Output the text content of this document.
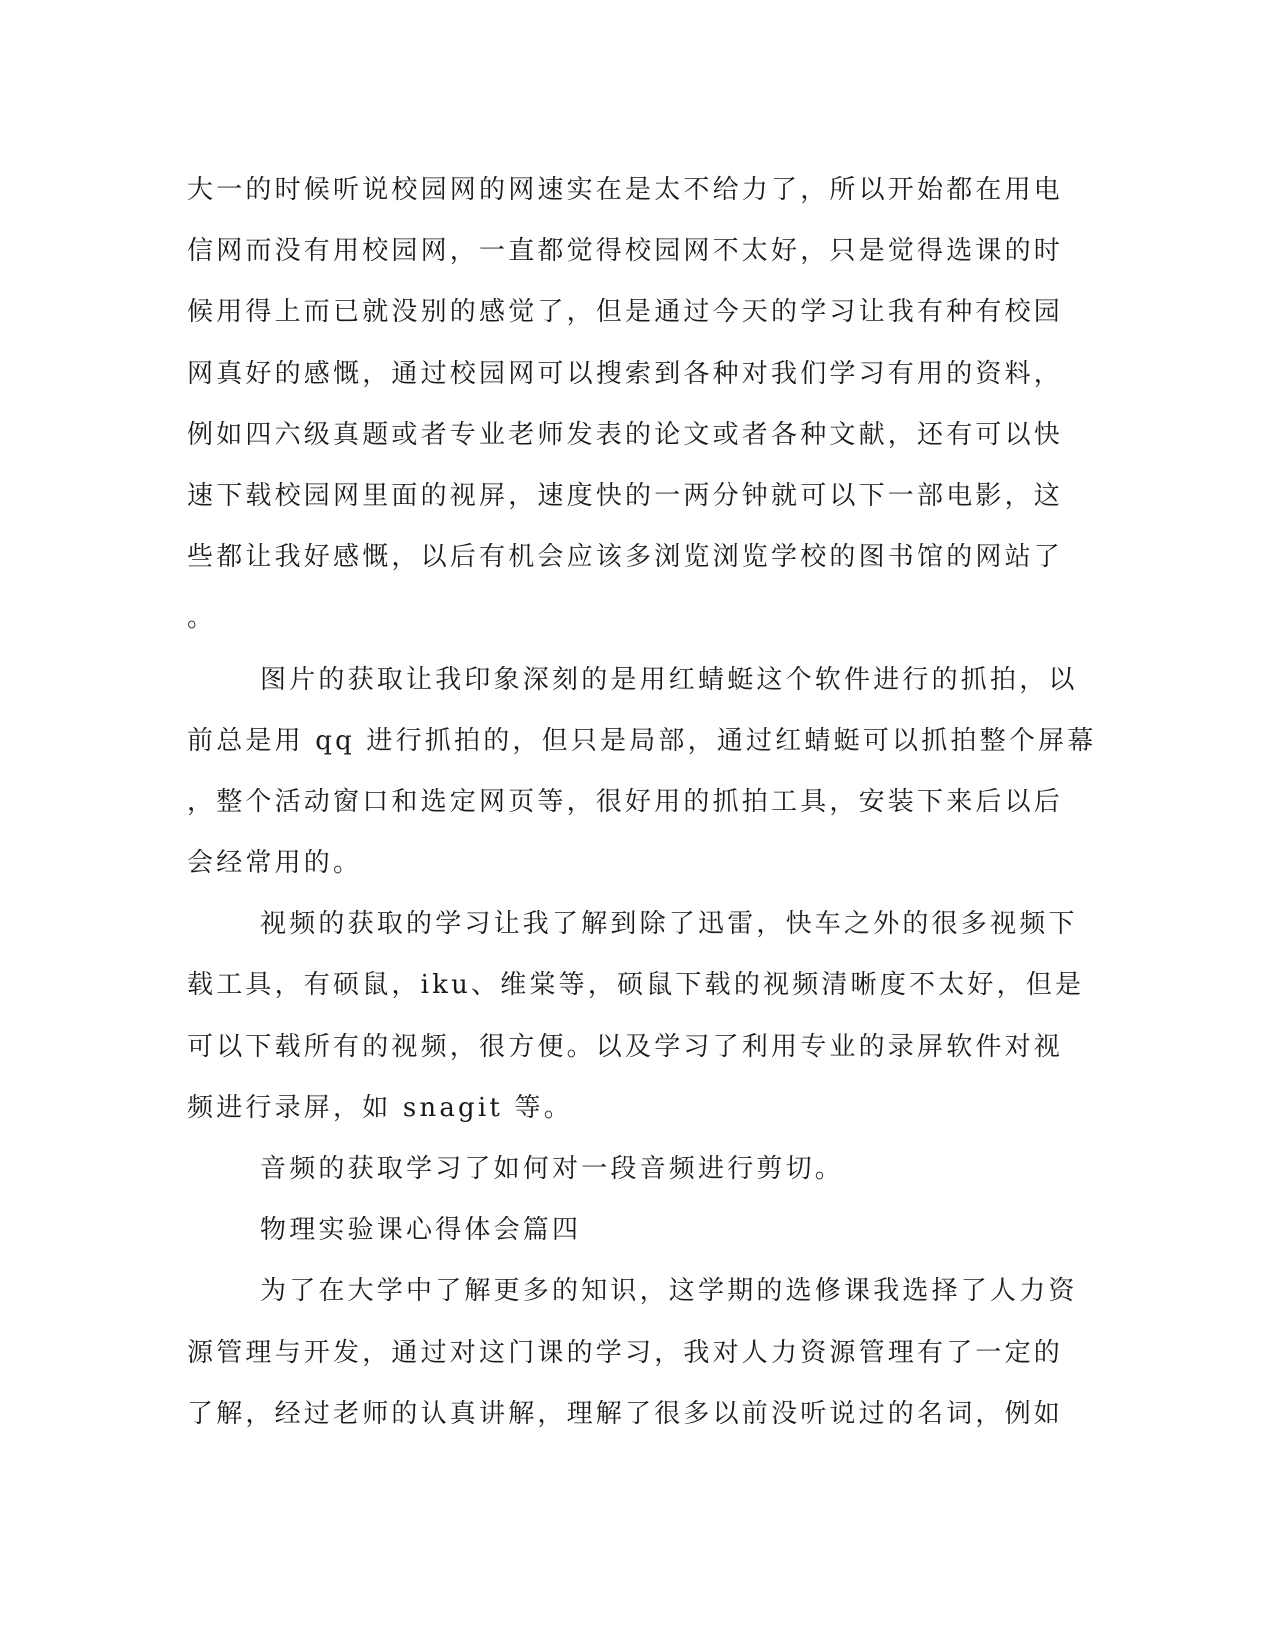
大一的时候听说校园网的网速实在是太不给力了，所以开始都在用电
信网而没有用校园网，一直都觉得校园网不太好，只是觉得选课的时
候用得上而已就没别的感觉了，但是通过今天的学习让我有种有校园
网真好的感慨，通过校园网可以搜索到各种对我们学习有用的资料，
例如四六级真题或者专业老师发表的论文或者各种文献，还有可以快
速下载校园网里面的视屏，速度快的一两分钟就可以下一部电影，这
些都让我好感慨，以后有机会应该多浏览浏览学校的图书馆的网站了
。
图片的获取让我印象深刻的是用红蜻蜓这个软件进行的抓拍，以
前总是用 qq 进行抓拍的，但只是局部，通过红蜻蜓可以抓拍整个屏幕
，整个活动窗口和选定网页等，很好用的抓拍工具，安装下来后以后
会经常用的。
视频的获取的学习让我了解到除了迅雷，快车之外的很多视频下
载工具，有硕鼠，iku、维棠等，硕鼠下载的视频清晰度不太好，但是
可以下载所有的视频，很方便。以及学习了利用专业的录屏软件对视
频进行录屏，如 snagit 等。
音频的获取学习了如何对一段音频进行剪切。
物理实验课心得体会篇四
为了在大学中了解更多的知识，这学期的选修课我选择了人力资
源管理与开发，通过对这门课的学习，我对人力资源管理有了一定的
了解，经过老师的认真讲解，理解了很多以前没听说过的名词，例如
